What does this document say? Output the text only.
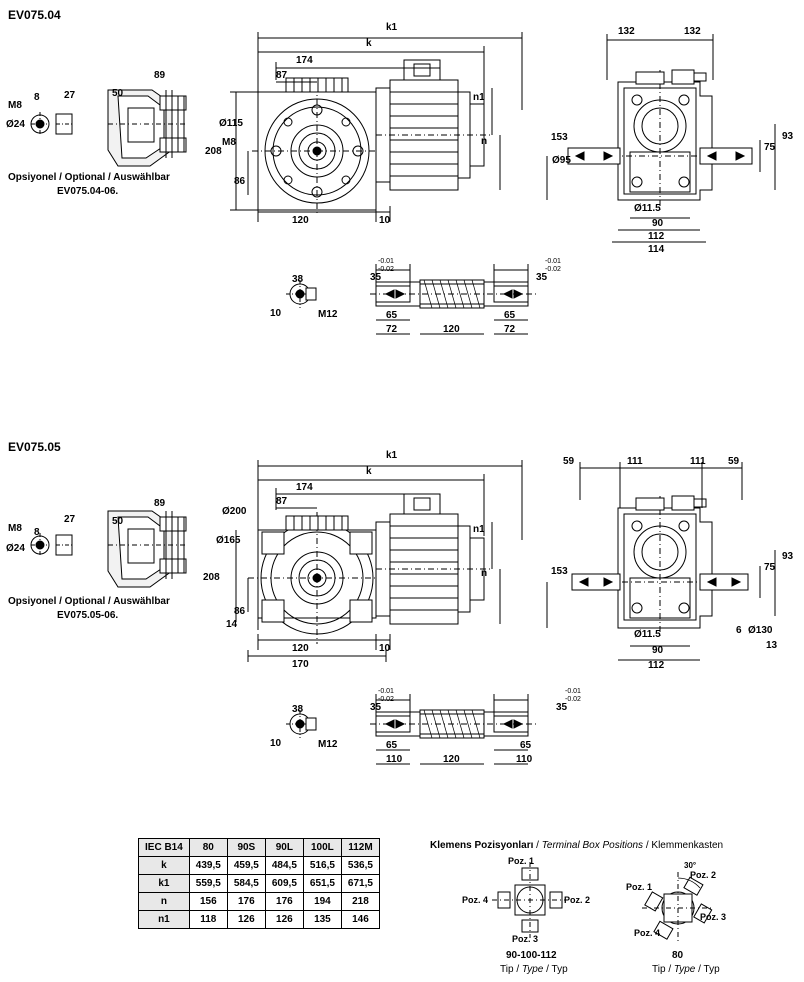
EV075.04
k1
k
174
87
n1
n
Ø115
M8
208
86
120	10
89
50
27
8
M8
Ø24
Opsiyonel / Optional / Auswählbar
EV075.04-06.
132	132
153
75
93
Ø95
Ø11.5
90
112
114
38
10	M12
-0.01
-0.02
-0.01
-0.02
35	35
65	65
72	120	72
EV075.05
k1
k
174
87
n1
n
Ø200
Ø165
208
86
14
120	10
170
89
50
27
8
M8
Ø24
Opsiyonel / Optional / Auswählbar
EV075.05-06.
59	111	111 59
153	75
93
6 Ø130
13
Ø11.5
90
112
38
10	M12
-0.01
-0.02
-0.01
-0.02
35	35
65	65
110	120	110
IEC B14	80	90S	90L	100L	112M
k	439,5	459,5	484,5	516,5	536,5
k1	559,5	584,5	609,5	651,5	671,5
n	156	176	176	194	218
n1	118	126	126	135	146
Klemens Pozisyonları / Terminal Box Positions / Klemmenkasten
Poz. 1
Poz. 2
Poz. 3
Poz. 4
90-100-112
Tip / Type / Typ
Poz. 2
Poz. 3
Poz. 1
Poz. 4
30°
80
Tip / Type / Typ
